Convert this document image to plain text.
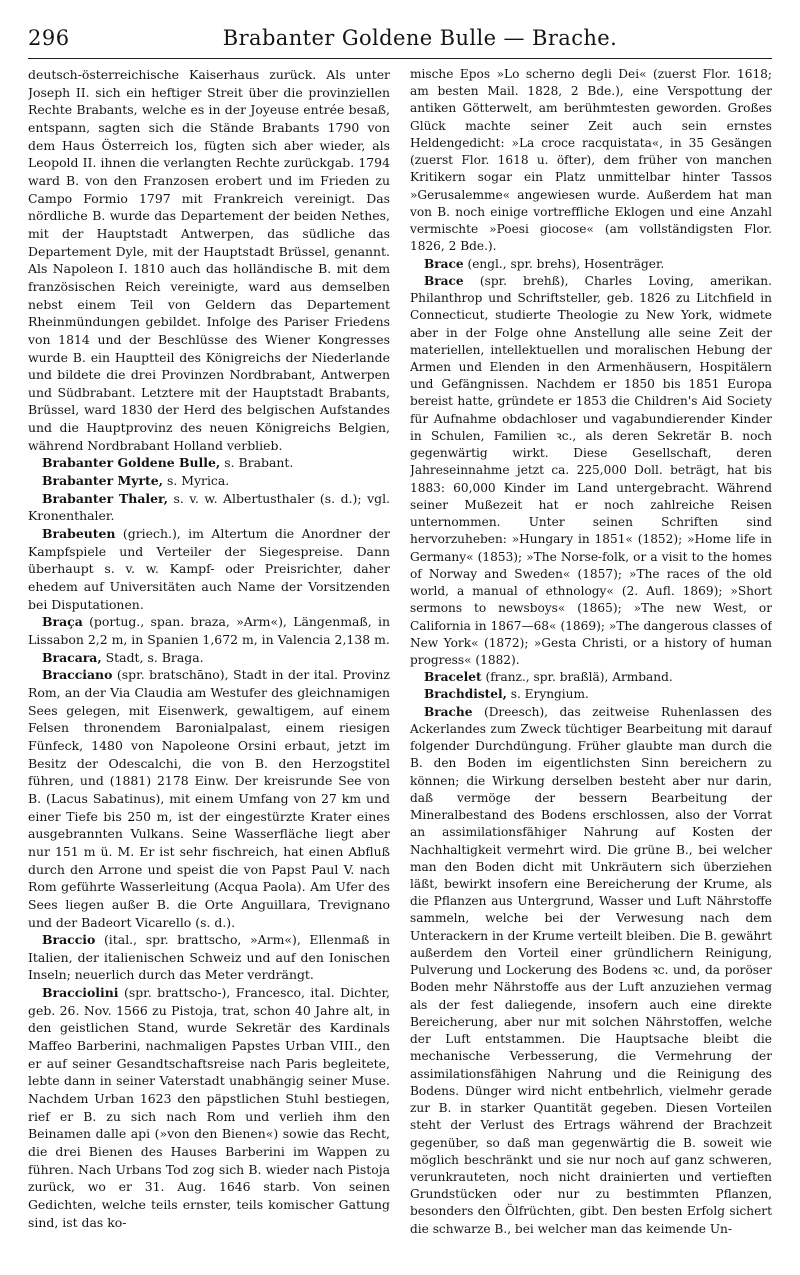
296	Brabanter Goldene Bulle — Brache.

deutsch-österreichische Kaiserhaus zurück. Als unter Joseph II. sich ein heftiger Streit über die provinziellen Rechte Brabants, welche es in der Joyeuse entrée besaß, entspann, sagten sich die Stände Brabants 1790 von dem Haus Österreich los, fügten sich aber wieder, als Leopold II. ihnen die verlangten Rechte zurückgab. 1794 ward B. von den Franzosen erobert und im Frieden zu Campo Formio 1797 mit Frankreich vereinigt. Das nördliche B. wurde das Departement der beiden Nethes, mit der Hauptstadt Antwerpen, das südliche das Departement Dyle, mit der Hauptstadt Brüssel, genannt. Als Napoleon I. 1810 auch das holländische B. mit dem französischen Reich vereinigte, ward aus demselben nebst einem Teil von Geldern das Departement Rheinmündungen gebildet. Infolge des Pariser Friedens von 1814 und der Beschlüsse des Wiener Kongresses wurde B. ein Hauptteil des Königreichs der Niederlande und bildete die drei Provinzen Nordbrabant, Antwerpen und Südbrabant. Letztere mit der Hauptstadt Brabants, Brüssel, ward 1830 der Herd des belgischen Aufstandes und die Hauptprovinz des neuen Königreichs Belgien, während Nordbrabant Holland verblieb.

Brabanter Goldene Bulle, s. Brabant.

Brabanter Myrte, s. Myrica.

Brabanter Thaler, s. v. w. Albertusthaler (s. d.); vgl. Kronenthaler.

Brabeuten (griech.), im Altertum die Anordner der Kampfspiele und Verteiler der Siegespreise. Dann überhaupt s. v. w. Kampf- oder Preisrichter, daher ehedem auf Universitäten auch Name der Vorsitzenden bei Disputationen.

Braça (portug., span. braza, »Arm«), Längenmaß, in Lissabon 2,2 m, in Spanien 1,672 m, in Valencia 2,138 m.

Bracara, Stadt, s. Braga.

Bracciano (spr. bratschāno), Stadt in der ital. Provinz Rom, an der Via Claudia am Westufer des gleichnamigen Sees gelegen, mit Eisenwerk, gewaltigem, auf einem Felsen thronendem Baronialpalast, einem riesigen Fünfeck, 1480 von Napoleone Orsini erbaut, jetzt im Besitz der Odescalchi, die von B. den Herzogstitel führen, und (1881) 2178 Einw. Der kreisrunde See von B. (Lacus Sabatinus), mit einem Umfang von 27 km und einer Tiefe bis 250 m, ist der eingestürzte Krater eines ausgebrannten Vulkans. Seine Wasserfläche liegt aber nur 151 m ü. M. Er ist sehr fischreich, hat einen Abfluß durch den Arrone und speist die von Papst Paul V. nach Rom geführte Wasserleitung (Acqua Paola). Am Ufer des Sees liegen außer B. die Orte Anguillara, Trevignano und der Badeort Vicarello (s. d.).

Braccio (ital., spr. brattscho, »Arm«), Ellenmaß in Italien, der italienischen Schweiz und auf den Ionischen Inseln; neuerlich durch das Meter verdrängt.

Bracciolini (spr. brattscho-), Francesco, ital. Dichter, geb. 26. Nov. 1566 zu Pistoja, trat, schon 40 Jahre alt, in den geistlichen Stand, wurde Sekretär des Kardinals Maffeo Barberini, nachmaligen Papstes Urban VIII., den er auf seiner Gesandtschaftsreise nach Paris begleitete, lebte dann in seiner Vaterstadt unabhängig seiner Muse. Nachdem Urban 1623 den päpstlichen Stuhl bestiegen, rief er B. zu sich nach Rom und verlieh ihm den Beinamen dalle api (»von den Bienen«) sowie das Recht, die drei Bienen des Hauses Barberini im Wappen zu führen. Nach Urbans Tod zog sich B. wieder nach Pistoja zurück, wo er 31. Aug. 1646 starb. Von seinen Gedichten, welche teils ernster, teils komischer Gattung sind, ist das ko-

mische Epos »Lo scherno degli Dei« (zuerst Flor. 1618; am besten Mail. 1828, 2 Bde.), eine Verspottung der antiken Götterwelt, am berühmtesten geworden. Großes Glück machte seiner Zeit auch sein ernstes Heldengedicht: »La croce racquistata«, in 35 Gesängen (zuerst Flor. 1618 u. öfter), dem früher von manchen Kritikern sogar ein Platz unmittelbar hinter Tassos »Gerusalemme« angewiesen wurde. Außerdem hat man von B. noch einige vortreffliche Eklogen und eine Anzahl vermischte »Poesi giocose« (am vollständigsten Flor. 1826, 2 Bde.).

Brace (engl., spr. brehs), Hosenträger.

Brace (spr. brehß), Charles Loving, amerikan. Philanthrop und Schriftsteller, geb. 1826 zu Litchfield in Connecticut, studierte Theologie zu New York, widmete aber in der Folge ohne Anstellung alle seine Zeit der materiellen, intellektuellen und moralischen Hebung der Armen und Elenden in den Armenhäusern, Hospitälern und Gefängnissen. Nachdem er 1850 bis 1851 Europa bereist hatte, gründete er 1853 die Children's Aid Society für Aufnahme obdachloser und vagabundierender Kinder in Schulen, Familien ꝛc., als deren Sekretär B. noch gegenwärtig wirkt. Diese Gesellschaft, deren Jahreseinnahme jetzt ca. 225,000 Doll. beträgt, hat bis 1883: 60,000 Kinder im Land untergebracht. Während seiner Mußezeit hat er noch zahlreiche Reisen unternommen. Unter seinen Schriften sind hervorzuheben: »Hungary in 1851« (1852); »Home life in Germany« (1853); »The Norse-folk, or a visit to the homes of Norway and Sweden« (1857); »The races of the old world, a manual of ethnology« (2. Aufl. 1869); »Short sermons to newsboys« (1865); »The new West, or California in 1867—68« (1869); »The dangerous classes of New York« (1872); »Gesta Christi, or a history of human progress« (1882).

Bracelet (franz., spr. braßlä), Armband.

Brachdistel, s. Eryngium.

Brache (Dreesch), das zeitweise Ruhenlassen des Ackerlandes zum Zweck tüchtiger Bearbeitung mit darauf folgender Durchdüngung. Früher glaubte man durch die B. den Boden im eigentlichsten Sinn bereichern zu können; die Wirkung derselben besteht aber nur darin, daß vermöge der bessern Bearbeitung der Mineralbestand des Bodens erschlossen, also der Vorrat an assimilationsfähiger Nahrung auf Kosten der Nachhaltigkeit vermehrt wird. Die grüne B., bei welcher man den Boden dicht mit Unkräutern sich überziehen läßt, bewirkt insofern eine Bereicherung der Krume, als die Pflanzen aus Untergrund, Wasser und Luft Nährstoffe sammeln, welche bei der Verwesung nach dem Unterackern in der Krume verteilt bleiben. Die B. gewährt außerdem den Vorteil einer gründlichern Reinigung, Pulverung und Lockerung des Bodens ꝛc. und, da poröser Boden mehr Nährstoffe aus der Luft anzuziehen vermag als der fest daliegende, insofern auch eine direkte Bereicherung, aber nur mit solchen Nährstoffen, welche der Luft entstammen. Die Hauptsache bleibt die mechanische Verbesserung, die Vermehrung der assimilationsfähigen Nahrung und die Reinigung des Bodens. Dünger wird nicht entbehrlich, vielmehr gerade zur B. in starker Quantität gegeben. Diesen Vorteilen steht der Verlust des Ertrags während der Brachzeit gegenüber, so daß man gegenwärtig die B. soweit wie möglich beschränkt und sie nur noch auf ganz schweren, verunkrauteten, noch nicht drainierten und vertieften Grundstücken oder nur zu bestimmten Pflanzen, besonders den Ölfrüchten, gibt. Den besten Erfolg sichert die schwarze B., bei welcher man das keimende Un-
